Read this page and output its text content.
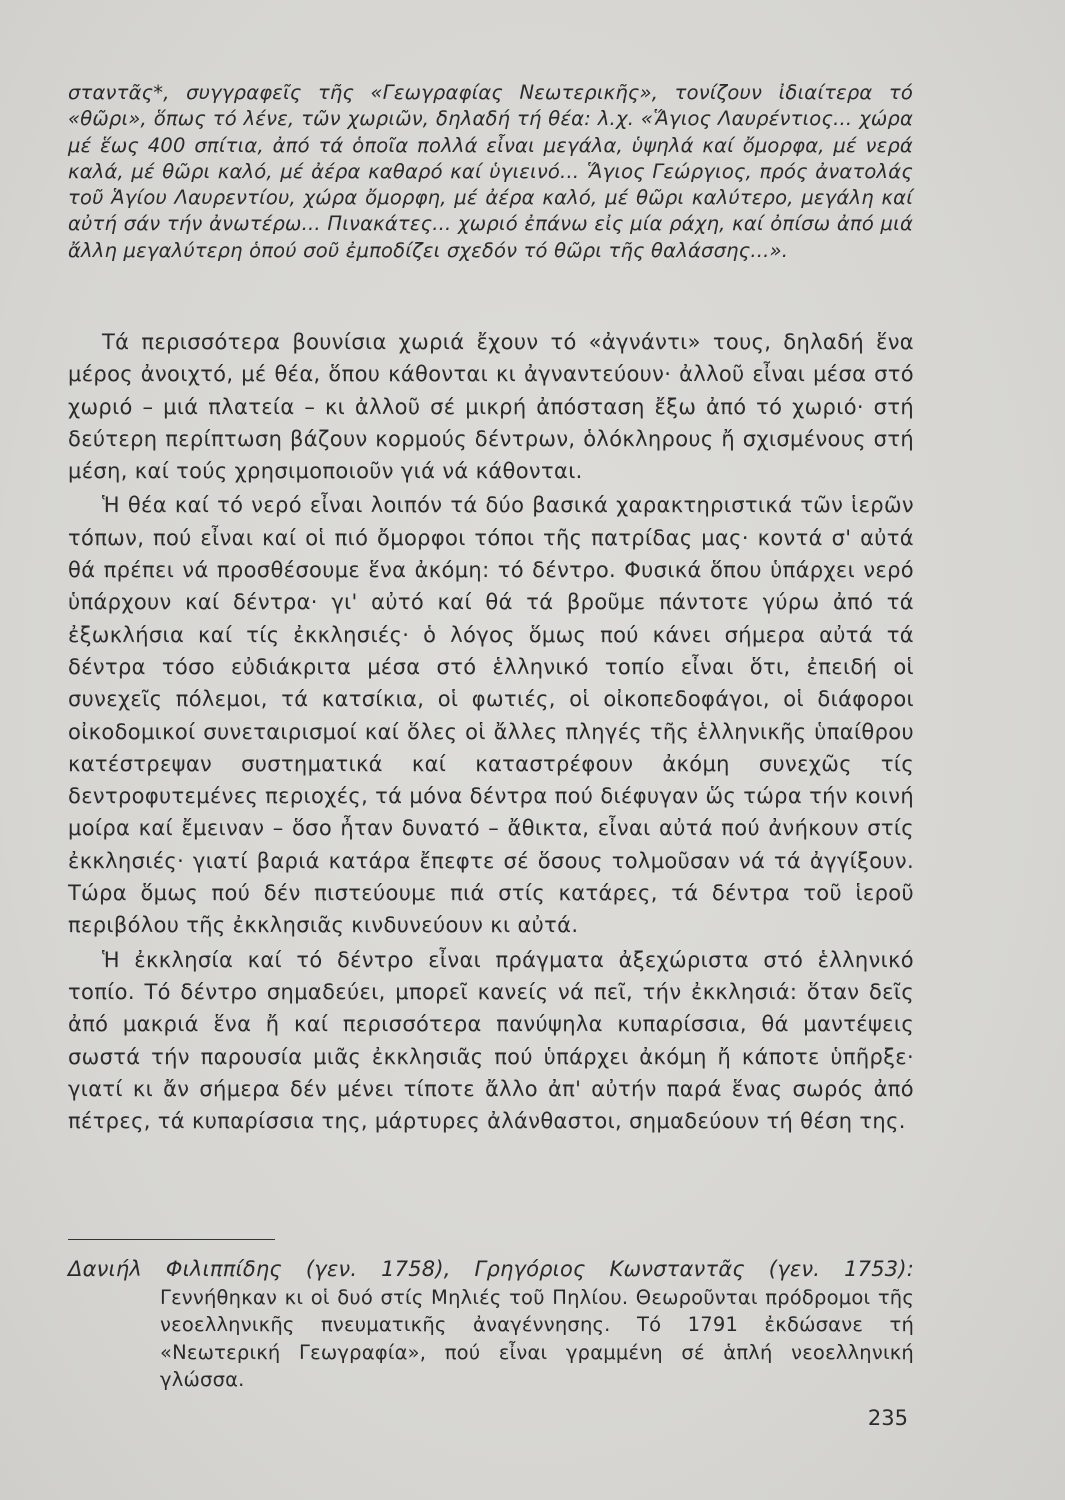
σταντᾶς*, συγγραφεῖς τῆς «Γεωγραφίας Νεωτερικῆς», τονίζουν ἰδιαίτερα τό «θῶρι», ὅπως τό λένε, τῶν χωριῶν, δηλαδή τή θέα: λ.χ. «Ἅγιος Λαυρέντιος... χώρα μέ ἕως 400 σπίτια, ἀπό τά ὁποῖα πολλά εἶναι μεγάλα, ὑψηλά καί ὄμορφα, μέ νερά καλά, μέ θῶρι καλό, μέ ἀέρα καθαρό καί ὑγιεινό... Ἅγιος Γεώργιος, πρός ἀνατολάς τοῦ Ἁγίου Λαυρεντίου, χώρα ὄμορφη, μέ ἀέρα καλό, μέ θῶρι καλύτερο, μεγάλη καί αὐτή σάν τήν ἀνωτέρω... Πινακάτες... χωριό ἐπάνω εἰς μία ράχη, καί ὀπίσω ἀπό μιά ἄλλη μεγαλύτερη ὁπού σοῦ ἐμποδίζει σχεδόν τό θῶρι τῆς θαλάσσης...».

Τά περισσότερα βουνίσια χωριά ἔχουν τό «ἀγνάντι» τους, δηλαδή ἕνα μέρος ἀνοιχτό, μέ θέα, ὅπου κάθονται κι ἀγναντεύουν· ἀλλοῦ εἶναι μέσα στό χωριό – μιά πλατεία – κι ἀλλοῦ σέ μικρή ἀπόσταση ἔξω ἀπό τό χωριό· στή δεύτερη περίπτωση βάζουν κορμούς δέντρων, ὁλόκληρους ἤ σχισμένους στή μέση, καί τούς χρησιμοποιοῦν γιά νά κάθονται.

Ἡ θέα καί τό νερό εἶναι λοιπόν τά δύο βασικά χαρακτηριστικά τῶν ἱερῶν τόπων, πού εἶναι καί οἱ πιό ὄμορφοι τόποι τῆς πατρίδας μας· κοντά σ' αὐτά θά πρέπει νά προσθέσουμε ἕνα ἀκόμη: τό δέντρο. Φυσικά ὅπου ὑπάρχει νερό ὑπάρχουν καί δέντρα· γι' αὐτό καί θά τά βροῦμε πάντοτε γύρω ἀπό τά ἐξωκλήσια καί τίς ἐκκλησιές· ὁ λόγος ὅμως πού κάνει σήμερα αὐτά τά δέντρα τόσο εὐδιάκριτα μέσα στό ἑλληνικό τοπίο εἶναι ὅτι, ἐπειδή οἱ συνεχεῖς πόλεμοι, τά κατσίκια, οἱ φωτιές, οἱ οἰκοπεδοφάγοι, οἱ διάφοροι οἰκοδομικοί συνεταιρισμοί καί ὅλες οἱ ἄλλες πληγές τῆς ἑλληνικῆς ὑπαίθρου κατέστρεψαν συστηματικά καί καταστρέφουν ἀκόμη συνεχῶς τίς δεντροφυτεμένες περιοχές, τά μόνα δέντρα πού διέφυγαν ὥς τώρα τήν κοινή μοίρα καί ἔμειναν – ὅσο ἦταν δυνατό – ἄθικτα, εἶναι αὐτά πού ἀνήκουν στίς ἐκκλησιές· γιατί βαριά κατάρα ἔπεφτε σέ ὅσους τολμοῦσαν νά τά ἀγγίξουν. Τώρα ὅμως πού δέν πιστεύουμε πιά στίς κατάρες, τά δέντρα τοῦ ἱεροῦ περιβόλου τῆς ἐκκλησιᾶς κινδυνεύουν κι αὐτά.

Ἡ ἐκκλησία καί τό δέντρο εἶναι πράγματα ἀξεχώριστα στό ἑλληνικό τοπίο. Τό δέντρο σημαδεύει, μπορεῖ κανείς νά πεῖ, τήν ἐκκλησιά: ὅταν δεῖς ἀπό μακριά ἕνα ἤ καί περισσότερα πανύψηλα κυπαρίσσια, θά μαντέψεις σωστά τήν παρουσία μιᾶς ἐκκλησιᾶς πού ὑπάρχει ἀκόμη ἤ κάποτε ὑπῆρξε· γιατί κι ἄν σήμερα δέν μένει τίποτε ἄλλο ἀπ' αὐτήν παρά ἕνας σωρός ἀπό πέτρες, τά κυπαρίσσια της, μάρτυρες ἀλάνθαστοι, σημαδεύουν τή θέση της.

Δανιήλ Φιλιππίδης (γεν. 1758), Γρηγόριος Κωνσταντᾶς (γεν. 1753): Γεννήθηκαν κι οἱ δυό στίς Μηλιές τοῦ Πηλίου. Θεωροῦνται πρόδρομοι τῆς νεοελληνικῆς πνευματικῆς ἀναγέννησης. Τό 1791 ἐκδώσανε τή «Νεωτερική Γεωγραφία», πού εἶναι γραμμένη σέ ἁπλή νεοελληνική γλώσσα.
235
